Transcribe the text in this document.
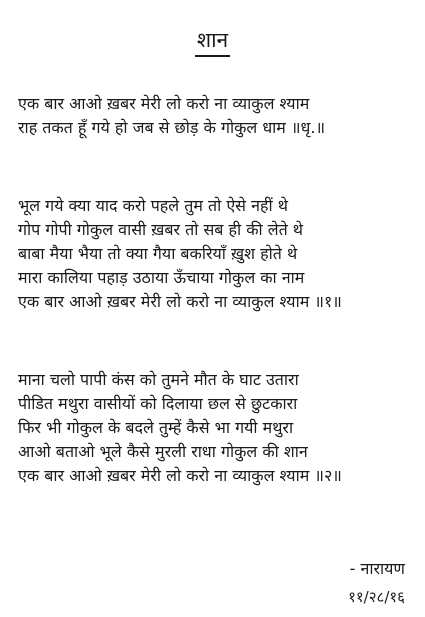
शान
एक बार आओ ख़बर मेरी लो करो ना व्याकुल श्याम
राह तकत हूँ गये हो जब से छोड़ के गोकुल धाम ॥धृ.॥
भूल गये क्या याद करो पहले तुम तो ऐसे नहीं थे
गोप गोपी गोकुल वासी ख़बर तो सब ही की लेते थे
बाबा मैया भैया तो क्या गैया बकरियाँ ख़ुश होते थे
मारा कालिया पहाड़ उठाया ऊँचाया गोकुल का नाम
एक बार आओ ख़बर मेरी लो करो ना व्याकुल श्याम ॥१॥
माना चलो पापी कंस को तुमने मौत के घाट उतारा
पीडित मथुरा वासीयों को दिलाया छल से छुटकारा
फिर भी गोकुल के बदले तुम्हें कैसे भा गयी मथुरा
आओ बताओ भूले कैसे मुरली राधा गोकुल की शान
एक बार आओ ख़बर मेरी लो करो ना व्याकुल श्याम ॥२॥
- नारायण
११/२८/१६
